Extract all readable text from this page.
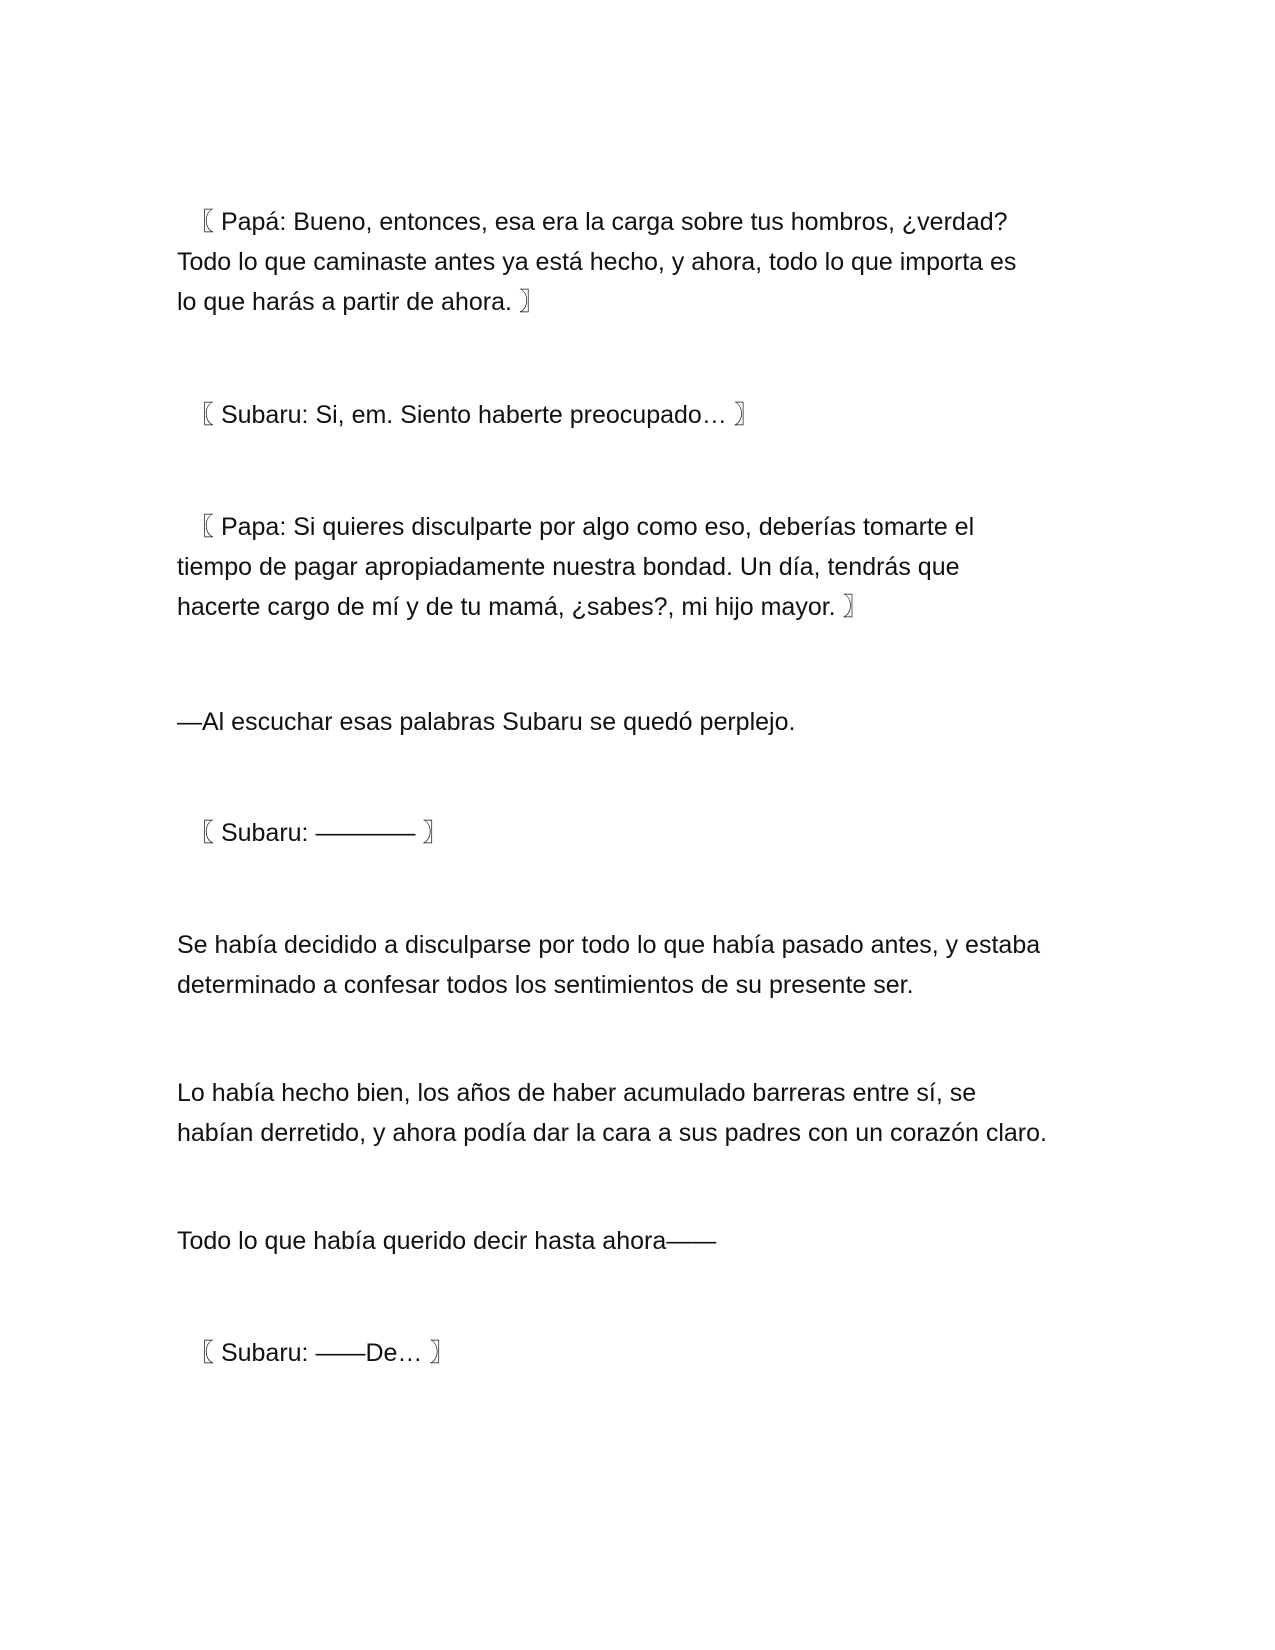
〖 Papá: Bueno, entonces, esa era la carga sobre tus hombros, ¿verdad?
Todo lo que caminaste antes ya está hecho, y ahora, todo lo que importa es
lo que harás a partir de ahora. 〗
〖 Subaru: Si, em. Siento haberte preocupado… 〗
〖 Papa: Si quieres disculparte por algo como eso, deberías tomarte el
tiempo de pagar apropiadamente nuestra bondad. Un día, tendrás que
hacerte cargo de mí y de tu mamá, ¿sabes?, mi hijo mayor. 〗
—Al escuchar esas palabras Subaru se quedó perplejo.
〖 Subaru: ———— 〗
Se había decidido a disculparse por todo lo que había pasado antes, y estaba
determinado a confesar todos los sentimientos de su presente ser.
Lo había hecho bien, los años de haber acumulado barreras entre sí, se
habían derretido, y ahora podía dar la cara a sus padres con un corazón claro.
Todo lo que había querido decir hasta ahora——
〖 Subaru: ——De… 〗
